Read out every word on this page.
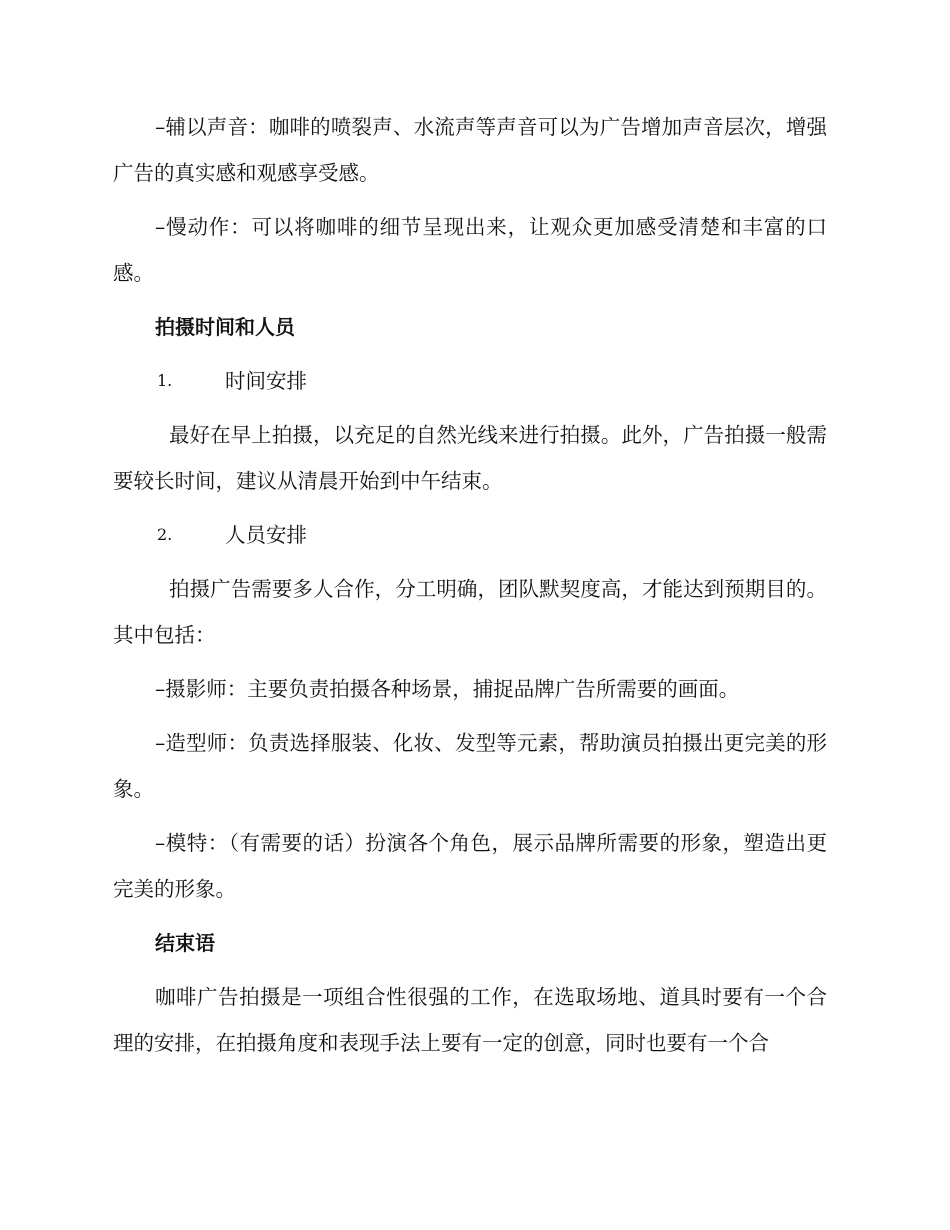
–辅以声音：咖啡的喷裂声、水流声等声音可以为广告增加声音层次，增强广告的真实感和观感享受感。

–慢动作：可以将咖啡的细节呈现出来，让观众更加感受清楚和丰富的口感。

拍摄时间和人员

1.	时间安排

最好在早上拍摄，以充足的自然光线来进行拍摄。此外，广告拍摄一般需要较长时间，建议从清晨开始到中午结束。

2.	人员安排

拍摄广告需要多人合作，分工明确，团队默契度高，才能达到预期目的。其中包括：

–摄影师：主要负责拍摄各种场景，捕捉品牌广告所需要的画面。

–造型师：负责选择服装、化妆、发型等元素，帮助演员拍摄出更完美的形象。

–模特：（有需要的话）扮演各个角色，展示品牌所需要的形象，塑造出更完美的形象。

结束语

咖啡广告拍摄是一项组合性很强的工作，在选取场地、道具时要有一个合理的安排，在拍摄角度和表现手法上要有一定的创意，同时也要有一个合
